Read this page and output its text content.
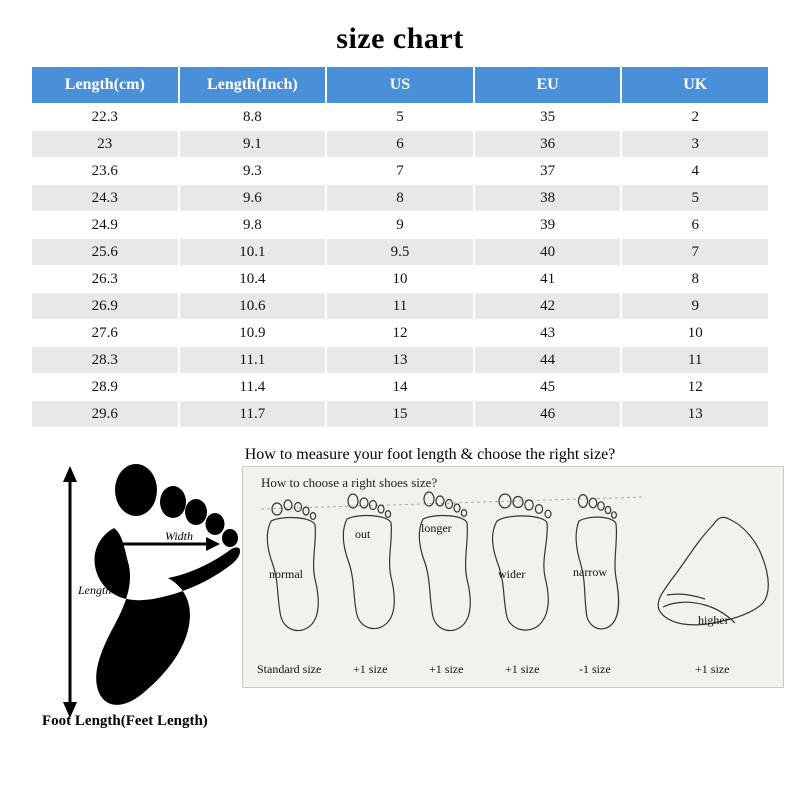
size chart
Length(cm)	Length(Inch)	US	EU	UK
22.3	8.8	5	35	2
23	9.1	6	36	3
23.6	9.3	7	37	4
24.3	9.6	8	38	5
24.9	9.8	9	39	6
25.6	10.1	9.5	40	7
26.3	10.4	10	41	8
26.9	10.6	11	42	9
27.6	10.9	12	43	10
28.3	11.1	13	44	11
28.9	11.4	14	45	12
29.6	11.7	15	46	13
How to measure your foot length & choose the right size?
Width
Length
Foot Length(Feet Length)
How to choose a right shoes size?
normal
out	longer
wider	narrow
higher
Standard size	+1 size	+1 size	+1 size	-1 size	+1 size
